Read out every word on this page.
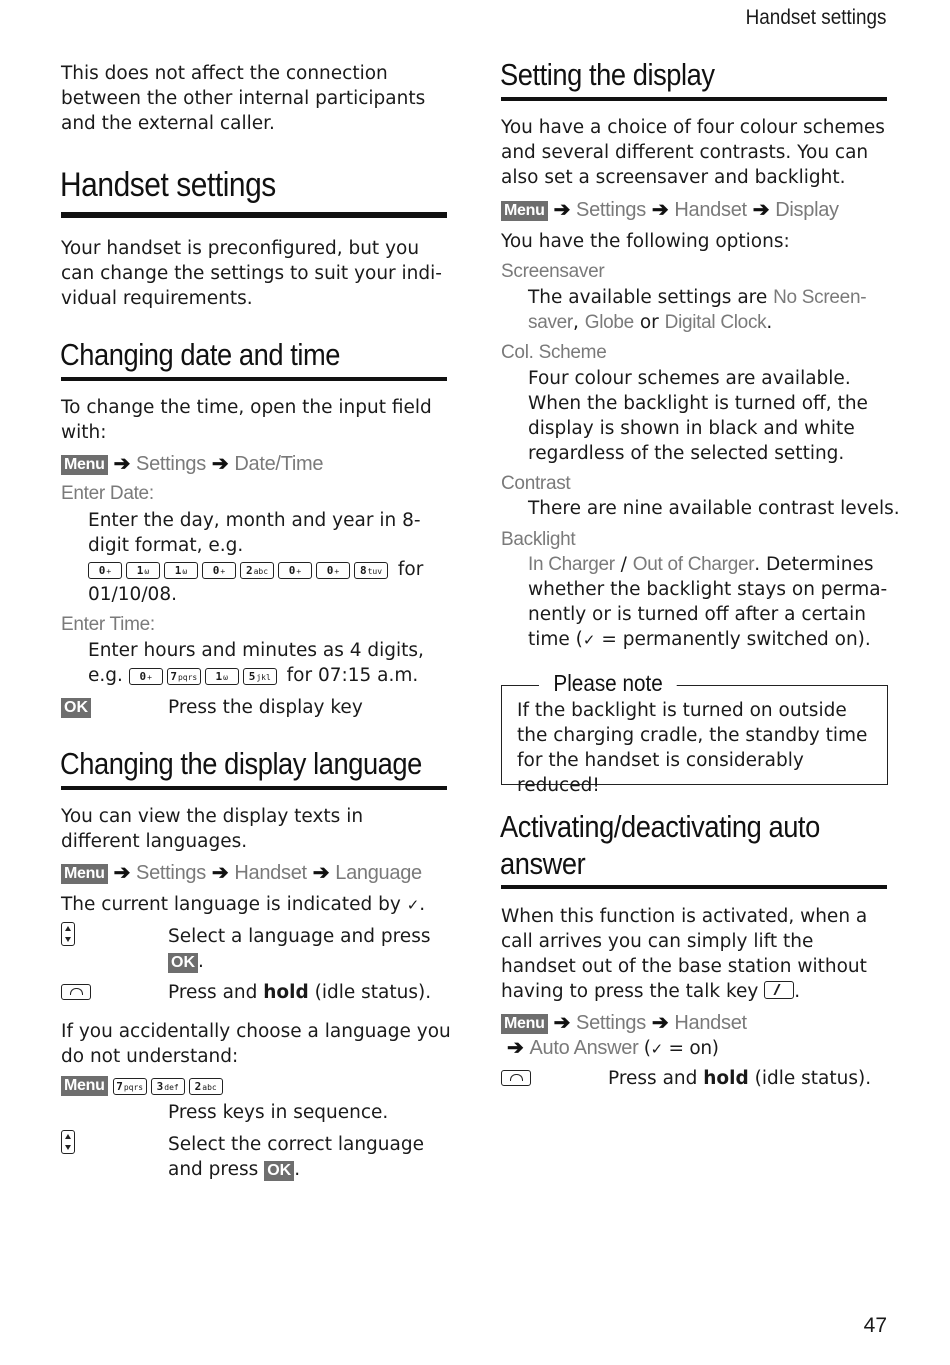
Handset settings
This does not affect the connection between the other internal participants and the external caller.
Handset settings
Your handset is preconfigured, but you can change the settings to suit your individual requirements.
Changing date and time
To change the time, open the input field with:
Menu ➔ Settings ➔ Date/Time
Enter Date:
Enter the day, month and year in 8-digit format, e.g.
0+ 1ω 1ω 0+ 2abc 0+ 0+ 8tuv for
01/10/08.
Enter Time:
Enter hours and minutes as 4 digits,
e.g. 0+ 7pqrs 1ω 5jkl for 07:15 a.m.
OK	Press the display key
Changing the display language
You can view the display texts in different languages.
Menu ➔ Settings ➔ Handset ➔ Language
The current language is indicated by ✓.
Select a language and press
OK .
Press and hold (idle status).
If you accidentally choose a language you do not understand:
Menu 7pqrs 3def 2abc
Press keys in sequence.
Select the correct language
and press OK .
Setting the display
You have a choice of four colour schemes and several different contrasts. You can also set a screensaver and backlight.
Menu ➔ Settings ➔ Handset ➔ Display
You have the following options:
Screensaver
The available settings are No Screen-
saver, Globe or Digital Clock.
Col. Scheme
Four colour schemes are available. When the backlight is turned off, the display is shown in black and white regardless of the selected setting.
Contrast
There are nine available contrast levels.
Backlight
In Charger / Out of Charger. Determines
whether the backlight stays on perma-
nently or is turned off after a certain
time (✓ = permanently switched on).
Please note
If the backlight is turned on outside the charging cradle, the standby time for the handset is considerably reduced!
Activating/deactivating auto
answer
When this function is activated, when a call arrives you can simply lift the handset out of the base station without having to press the talk key .
Menu ➔ Settings ➔ Handset
➔ Auto Answer (✓ = on)
Press and hold (idle status).
47
